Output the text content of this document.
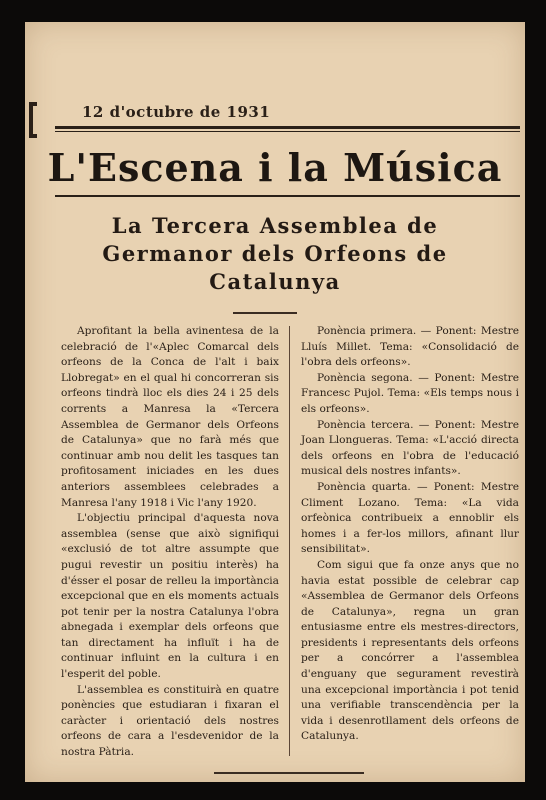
12 d'octubre de 1931
L'Escena i la Música
La Tercera Assemblea de Germanor dels Orfeons de Catalunya

Aprofitant la bella avinentesa de la celebració de l'«Aplec Comarcal dels orfeons de la Conca de l'alt i baix Llobregat» en el qual hi concorreran sis orfeons tindrà lloc els dies 24 i 25 dels corrents a Manresa la «Tercera Assemblea de Germanor dels Orfeons de Catalunya» que no farà més que continuar amb nou delit les tasques tan profitosament iniciades en les dues anteriors assemblees celebrades a Manresa l'any 1918 i Vic l'any 1920.

L'objectiu principal d'aquesta nova assemblea (sense que això signifiqui «exclusió de tot altre assumpte que pugui revestir un positiu interès) ha d'ésser el posar de relleu la importància excepcional que en els moments actuals pot tenir per la nostra Catalunya l'obra abnegada i exemplar dels orfeons que tan directament ha influït i ha de continuar influint en la cultura i en l'esperit del poble.

L'assemblea es constituirà en quatre ponències que estudiaran i fixaran el caràcter i orientació dels nostres orfeons de cara a l'esdevenidor de la nostra Pàtria.

Ponència primera. — Ponent: Mestre Lluís Millet. Tema: «Consolidació de l'obra dels orfeons».

Ponència segona. — Ponent: Mestre Francesc Pujol. Tema: «Els temps nous i els orfeons».

Ponència tercera. — Ponent: Mestre Joan Llongueras. Tema: «L'acció directa dels orfeons en l'obra de l'educació musical dels nostres infants».

Ponència quarta. — Ponent: Mestre Climent Lozano. Tema: «La vida orfeònica contribueix a ennoblir els homes i a fer-los millors, afinant llur sensibilitat».

Com sigui que fa onze anys que no havia estat possible de celebrar cap «Assemblea de Germanor dels Orfeons de Catalunya», regna un gran entusiasme entre els mestres-directors, presidents i representants dels orfeons per a concórrer a l'assemblea d'enguany que segurament revestirà una excepcional importància i pot tenid una verifiable transcendència per la vida i desenrotllament dels orfeons de Catalunya.
